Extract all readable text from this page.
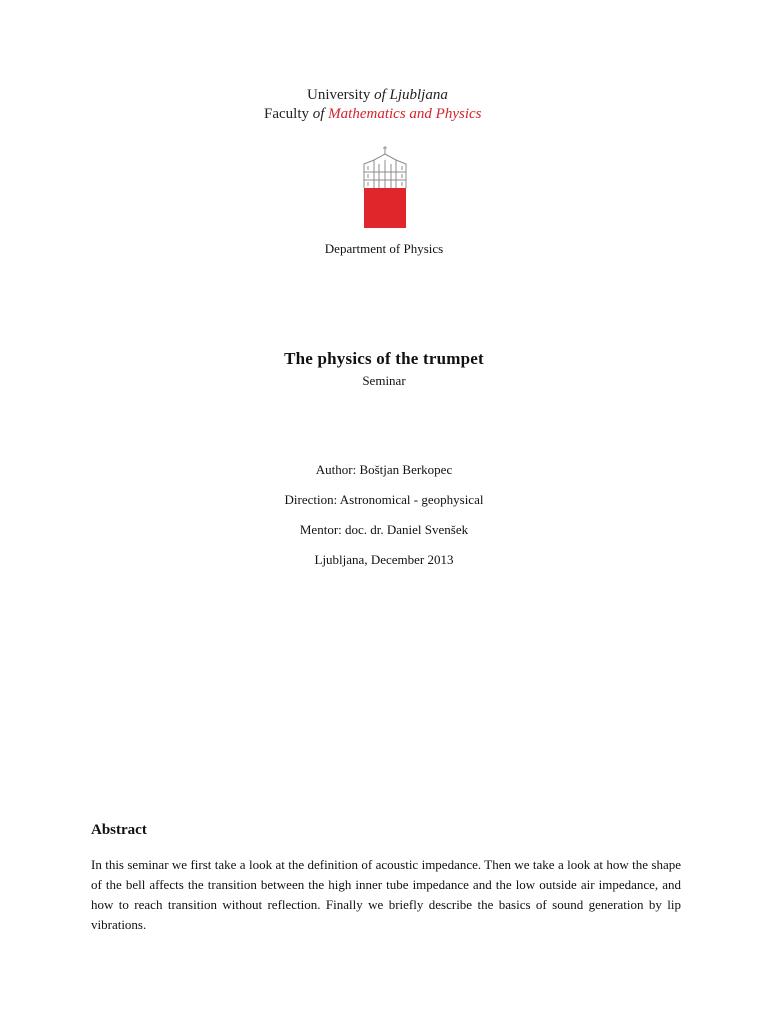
University of Ljubljana
Faculty of Mathematics and Physics
Department of Physics
The physics of the trumpet
Seminar
Author: Boštjan Berkopec
Direction: Astronomical - geophysical
Mentor: doc. dr. Daniel Svenšek
Ljubljana, December 2013
Abstract
In this seminar we first take a look at the definition of acoustic impedance. Then we take a look at how the shape of the bell affects the transition between the high inner tube impedance and the low outside air impedance, and how to reach transition without reflection. Finally we briefly describe the basics of sound generation by lip vibrations.
